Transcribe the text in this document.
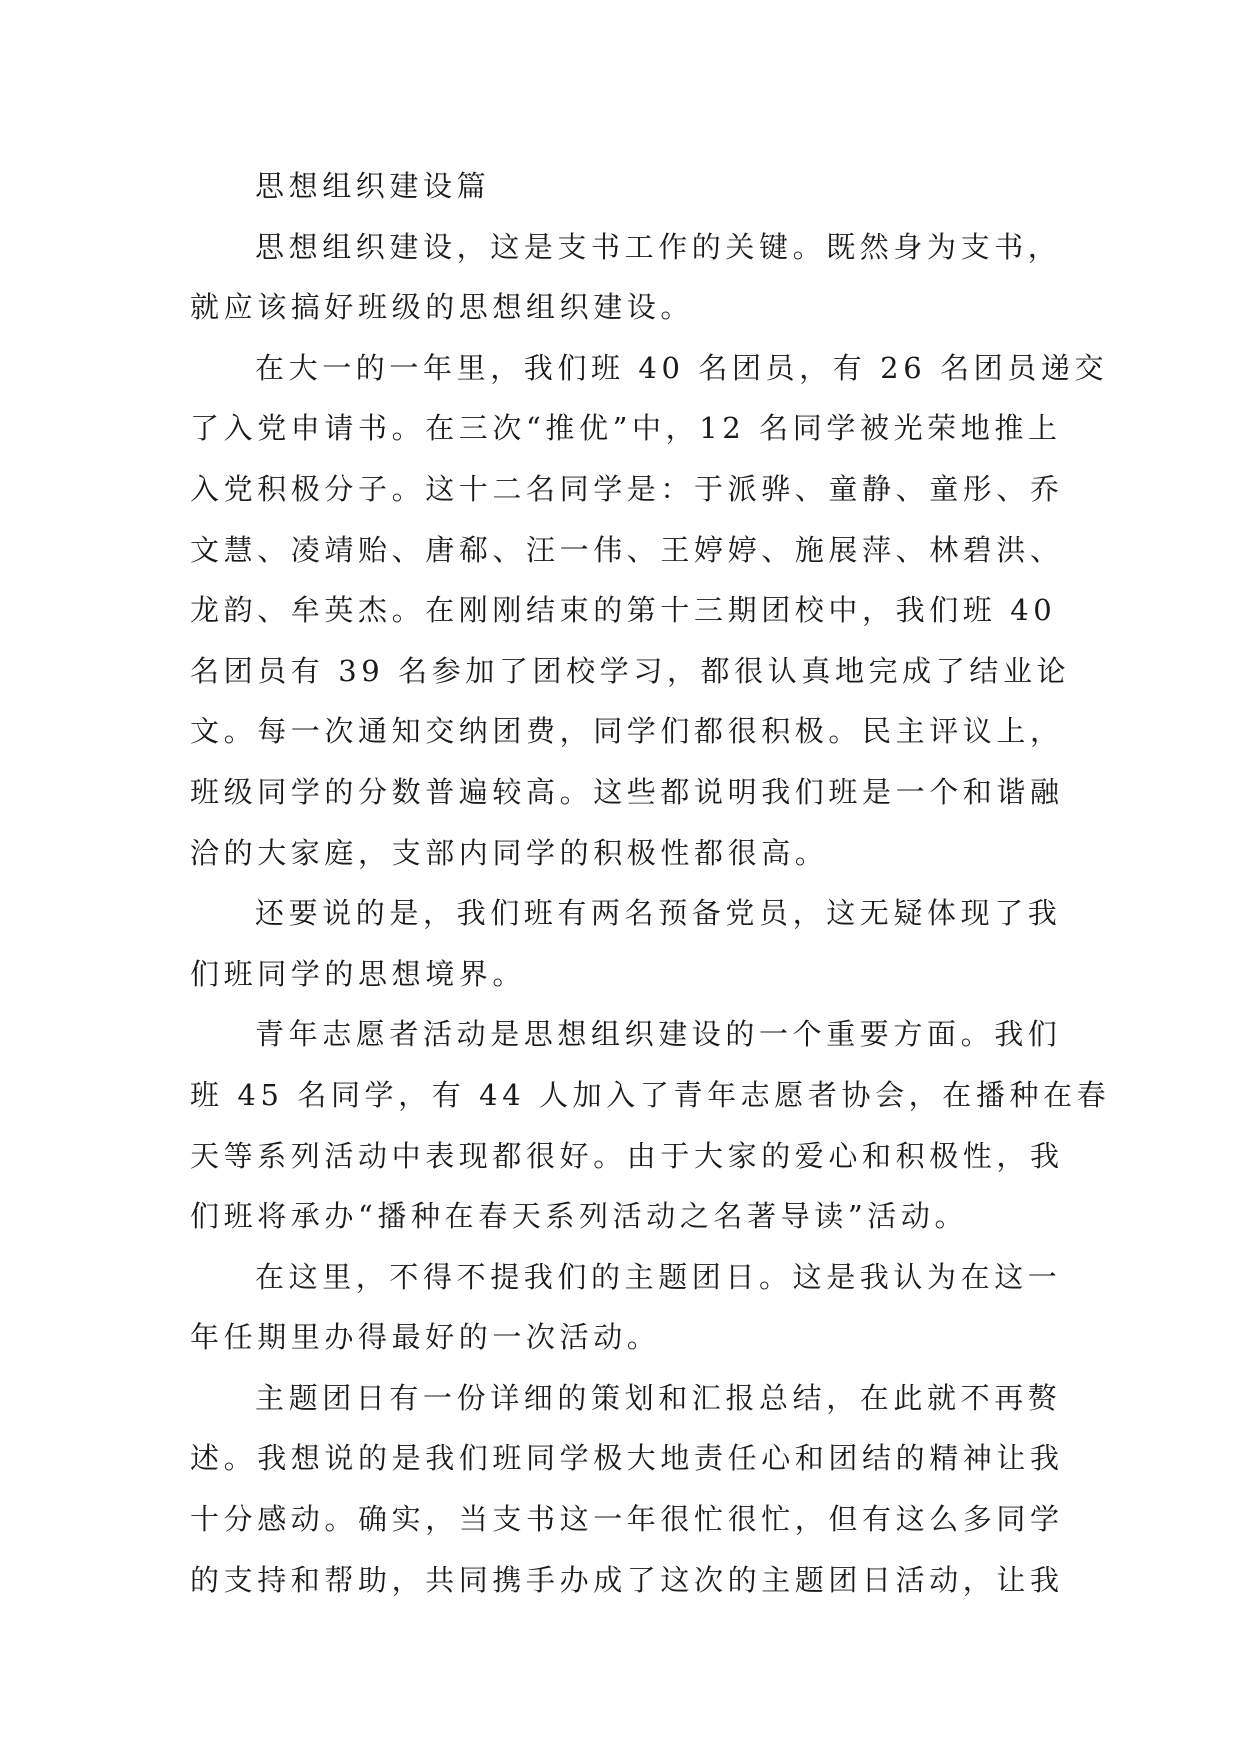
思想组织建设篇
思想组织建设，这是支书工作的关键。既然身为支书，
就应该搞好班级的思想组织建设。
在大一的一年里，我们班 40 名团员，有 26 名团员递交
了入党申请书。在三次“推优”中，12 名同学被光荣地推上
入党积极分子。这十二名同学是：于派骅、童静、童彤、乔
文慧、凌靖贻、唐郗、汪一伟、王婷婷、施展萍、林碧洪、
龙韵、牟英杰。在刚刚结束的第十三期团校中，我们班 40
名团员有 39 名参加了团校学习，都很认真地完成了结业论
文。每一次通知交纳团费，同学们都很积极。民主评议上，
班级同学的分数普遍较高。这些都说明我们班是一个和谐融
洽的大家庭，支部内同学的积极性都很高。
还要说的是，我们班有两名预备党员，这无疑体现了我
们班同学的思想境界。
青年志愿者活动是思想组织建设的一个重要方面。我们
班 45 名同学，有 44 人加入了青年志愿者协会，在播种在春
天等系列活动中表现都很好。由于大家的爱心和积极性，我
们班将承办“播种在春天系列活动之名著导读”活动。
在这里，不得不提我们的主题团日。这是我认为在这一
年任期里办得最好的一次活动。
主题团日有一份详细的策划和汇报总结，在此就不再赘
述。我想说的是我们班同学极大地责任心和团结的精神让我
十分感动。确实，当支书这一年很忙很忙，但有这么多同学
的支持和帮助，共同携手办成了这次的主题团日活动，让我
